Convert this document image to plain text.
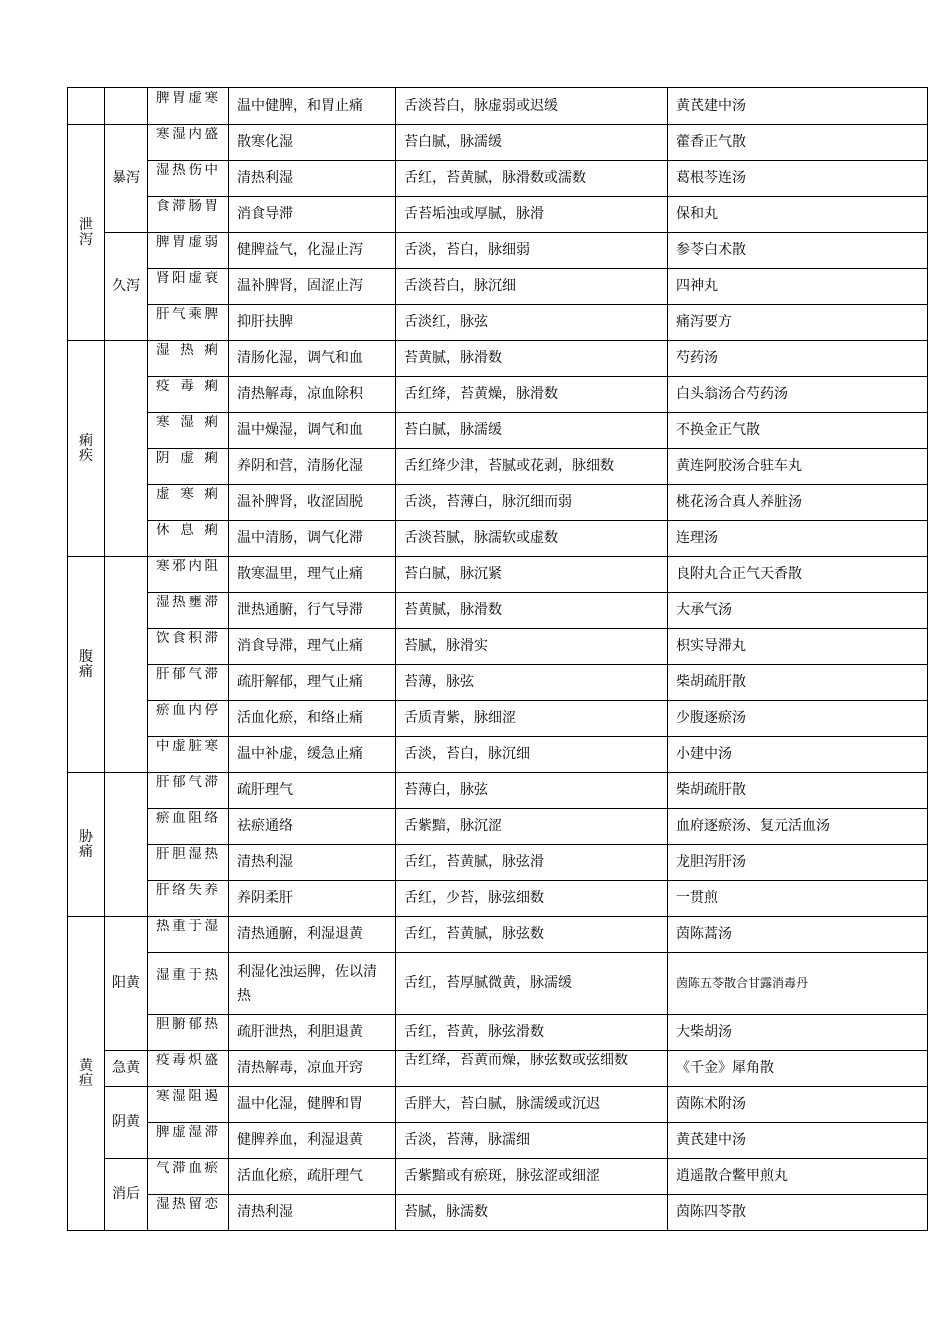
		脾胃虚寒	温中健脾，和胃止痛	舌淡苔白，脉虚弱或迟缓	黄芪建中汤
泄泻	暴泻	寒湿内盛	散寒化湿	苔白腻，脉濡缓	藿香正气散

		湿热伤中	清热利湿	舌红，苔黄腻，脉滑数或濡数	葛根芩连汤

		食滞肠胃	消食导滞	舌苔垢浊或厚腻，脉滑	保和丸
	久泻	脾胃虚弱	健脾益气，化湿止泻	舌淡，苔白，脉细弱	参苓白术散

		肾阳虚衰	温补脾肾，固涩止泻	舌淡苔白，脉沉细	四神丸

		肝气乘脾	抑肝扶脾	舌淡红，脉弦	痛泻要方
痢疾		湿热痢	清肠化湿，调气和血	苔黄腻，脉滑数	芍药汤

		疫毒痢	清热解毒，凉血除积	舌红绛，苔黄燥，脉滑数	白头翁汤合芍药汤

		寒湿痢	温中燥湿，调气和血	苔白腻，脉濡缓	不换金正气散

		阴虚痢	养阴和营，清肠化湿	舌红绛少津，苔腻或花剥，脉细数	黄连阿胶汤合驻车丸

		虚寒痢	温补脾肾，收涩固脱	舌淡，苔薄白，脉沉细而弱	桃花汤合真人养脏汤

		休息痢	温中清肠，调气化滞	舌淡苔腻，脉濡软或虚数	连理汤
腹痛		寒邪内阻	散寒温里，理气止痛	苔白腻，脉沉紧	良附丸合正气天香散

		湿热壅滞	泄热通腑，行气导滞	苔黄腻，脉滑数	大承气汤

		饮食积滞	消食导滞，理气止痛	苔腻，脉滑实	枳实导滞丸

		肝郁气滞	疏肝解郁，理气止痛	苔薄，脉弦	柴胡疏肝散

		瘀血内停	活血化瘀，和络止痛	舌质青紫，脉细涩	少腹逐瘀汤

		中虚脏寒	温中补虚，缓急止痛	舌淡，苔白，脉沉细	小建中汤
胁痛		肝郁气滞	疏肝理气	苔薄白，脉弦	柴胡疏肝散

		瘀血阻络	祛瘀通络	舌紫黯，脉沉涩	血府逐瘀汤、复元活血汤

		肝胆湿热	清热利湿	舌红，苔黄腻，脉弦滑	龙胆泻肝汤

		肝络失养	养阴柔肝	舌红，少苔，脉弦细数	一贯煎
黄疸	阳黄	热重于湿	清热通腑，利湿退黄	舌红，苔黄腻，脉弦数	茵陈蒿汤

		湿重于热	利湿化浊运脾，佐以清热	舌红，苔厚腻微黄，脉濡缓	茵陈五苓散合甘露消毒丹

		胆腑郁热	疏肝泄热，利胆退黄	舌红，苔黄，脉弦滑数	大柴胡汤
	急黄	疫毒炽盛	清热解毒，凉血开窍	舌红绛，苔黄而燥，脉弦数或弦细数	《千金》犀角散
	阴黄	寒湿阻遏	温中化湿，健脾和胃	舌胖大，苔白腻，脉濡缓或沉迟	茵陈术附汤

		脾虚湿滞	健脾养血，利湿退黄	舌淡，苔薄，脉濡细	黄芪建中汤
	消后	气滞血瘀	活血化瘀，疏肝理气	舌紫黯或有瘀斑，脉弦涩或细涩	逍遥散合鳖甲煎丸

		湿热留恋	清热利湿	苔腻，脉濡数	茵陈四苓散
